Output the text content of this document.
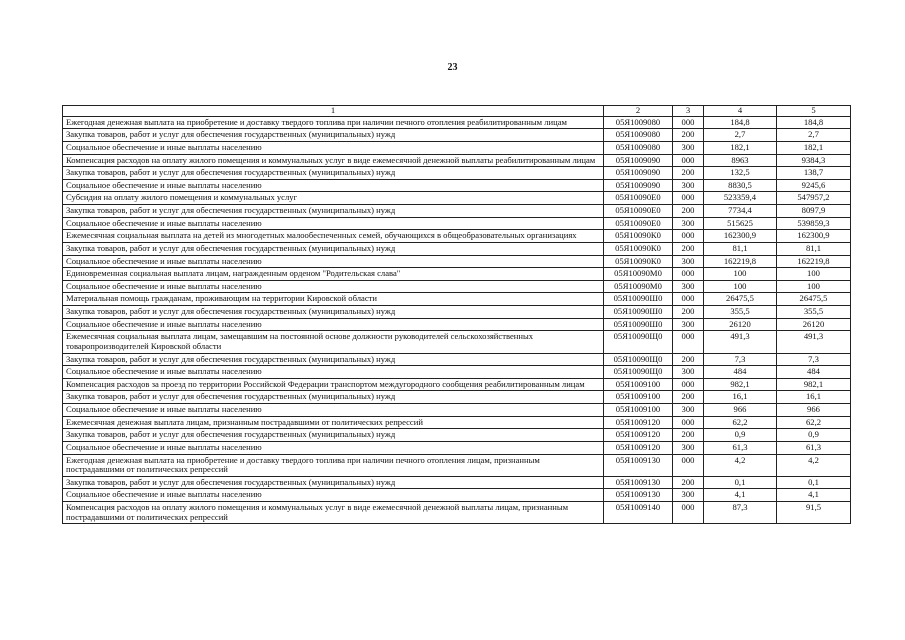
23
1	2	3	4	5
Ежегодная денежная выплата на приобретение и доставку твердого топлива при наличии печного отопления реабилитированным лицам	05Я1009080	000	184,8	184,8
Закупка товаров, работ и услуг для обеспечения государственных (муниципальных) нужд	05Я1009080	200	2,7	2,7
Социальное обеспечение и иные выплаты населению	05Я1009080	300	182,1	182,1
Компенсация расходов на оплату жилого помещения и коммунальных услуг в виде ежемесячной денежной выплаты реабилитированным лицам	05Я1009090	000	8963	9384,3
Закупка товаров, работ и услуг для обеспечения государственных (муниципальных) нужд	05Я1009090	200	132,5	138,7
Социальное обеспечение и иные выплаты населению	05Я1009090	300	8830,5	9245,6
Субсидия на оплату жилого помещения и коммунальных услуг	05Я10090Е0	000	523359,4	547957,2
Закупка товаров, работ и услуг для обеспечения государственных (муниципальных) нужд	05Я10090Е0	200	7734,4	8097,9
Социальное обеспечение и иные выплаты населению	05Я10090Е0	300	515625	539859,3
Ежемесячная социальная выплата на детей из многодетных малообеспеченных семей, обучающихся в общеобразовательных организациях	05Я10090К0	000	162300,9	162300,9
Закупка товаров, работ и услуг для обеспечения государственных (муниципальных) нужд	05Я10090К0	200	81,1	81,1
Социальное обеспечение и иные выплаты населению	05Я10090К0	300	162219,8	162219,8
Единовременная социальная выплата лицам, награжденным орденом "Родительская слава"	05Я10090М0	000	100	100
Социальное обеспечение и иные выплаты населению	05Я10090М0	300	100	100
Материальная помощь гражданам, проживающим на территории Кировской области	05Я10090Ш0	000	26475,5	26475,5
Закупка товаров, работ и услуг для обеспечения государственных (муниципальных) нужд	05Я10090Ш0	200	355,5	355,5
Социальное обеспечение и иные выплаты населению	05Я10090Ш0	300	26120	26120
Ежемесячная социальная выплата лицам, замещавшим на постоянной основе должности руководителей сельскохозяйственных товаропроизводителей Кировской области	05Я10090Щ0	000	491,3	491,3
Закупка товаров, работ и услуг для обеспечения государственных (муниципальных) нужд	05Я10090Щ0	200	7,3	7,3
Социальное обеспечение и иные выплаты населению	05Я10090Щ0	300	484	484
Компенсация расходов за проезд по территории Российской Федерации транспортом междугородного сообщения реабилитированным лицам	05Я1009100	000	982,1	982,1
Закупка товаров, работ и услуг для обеспечения государственных (муниципальных) нужд	05Я1009100	200	16,1	16,1
Социальное обеспечение и иные выплаты населению	05Я1009100	300	966	966
Ежемесячная денежная выплата лицам, признанным пострадавшими от политических репрессий	05Я1009120	000	62,2	62,2
Закупка товаров, работ и услуг для обеспечения государственных (муниципальных) нужд	05Я1009120	200	0,9	0,9
Социальное обеспечение и иные выплаты населению	05Я1009120	300	61,3	61,3
Ежегодная денежная выплата на приобретение и доставку твердого топлива при наличии печного отопления лицам, признанным пострадавшими от политических репрессий	05Я1009130	000	4,2	4,2
Закупка товаров, работ и услуг для обеспечения государственных (муниципальных) нужд	05Я1009130	200	0,1	0,1
Социальное обеспечение и иные выплаты населению	05Я1009130	300	4,1	4,1
Компенсация расходов на оплату жилого помещения и коммунальных услуг в виде ежемесячной денежной выплаты лицам, признанным пострадавшими от политических репрессий	05Я1009140	000	87,3	91,5
